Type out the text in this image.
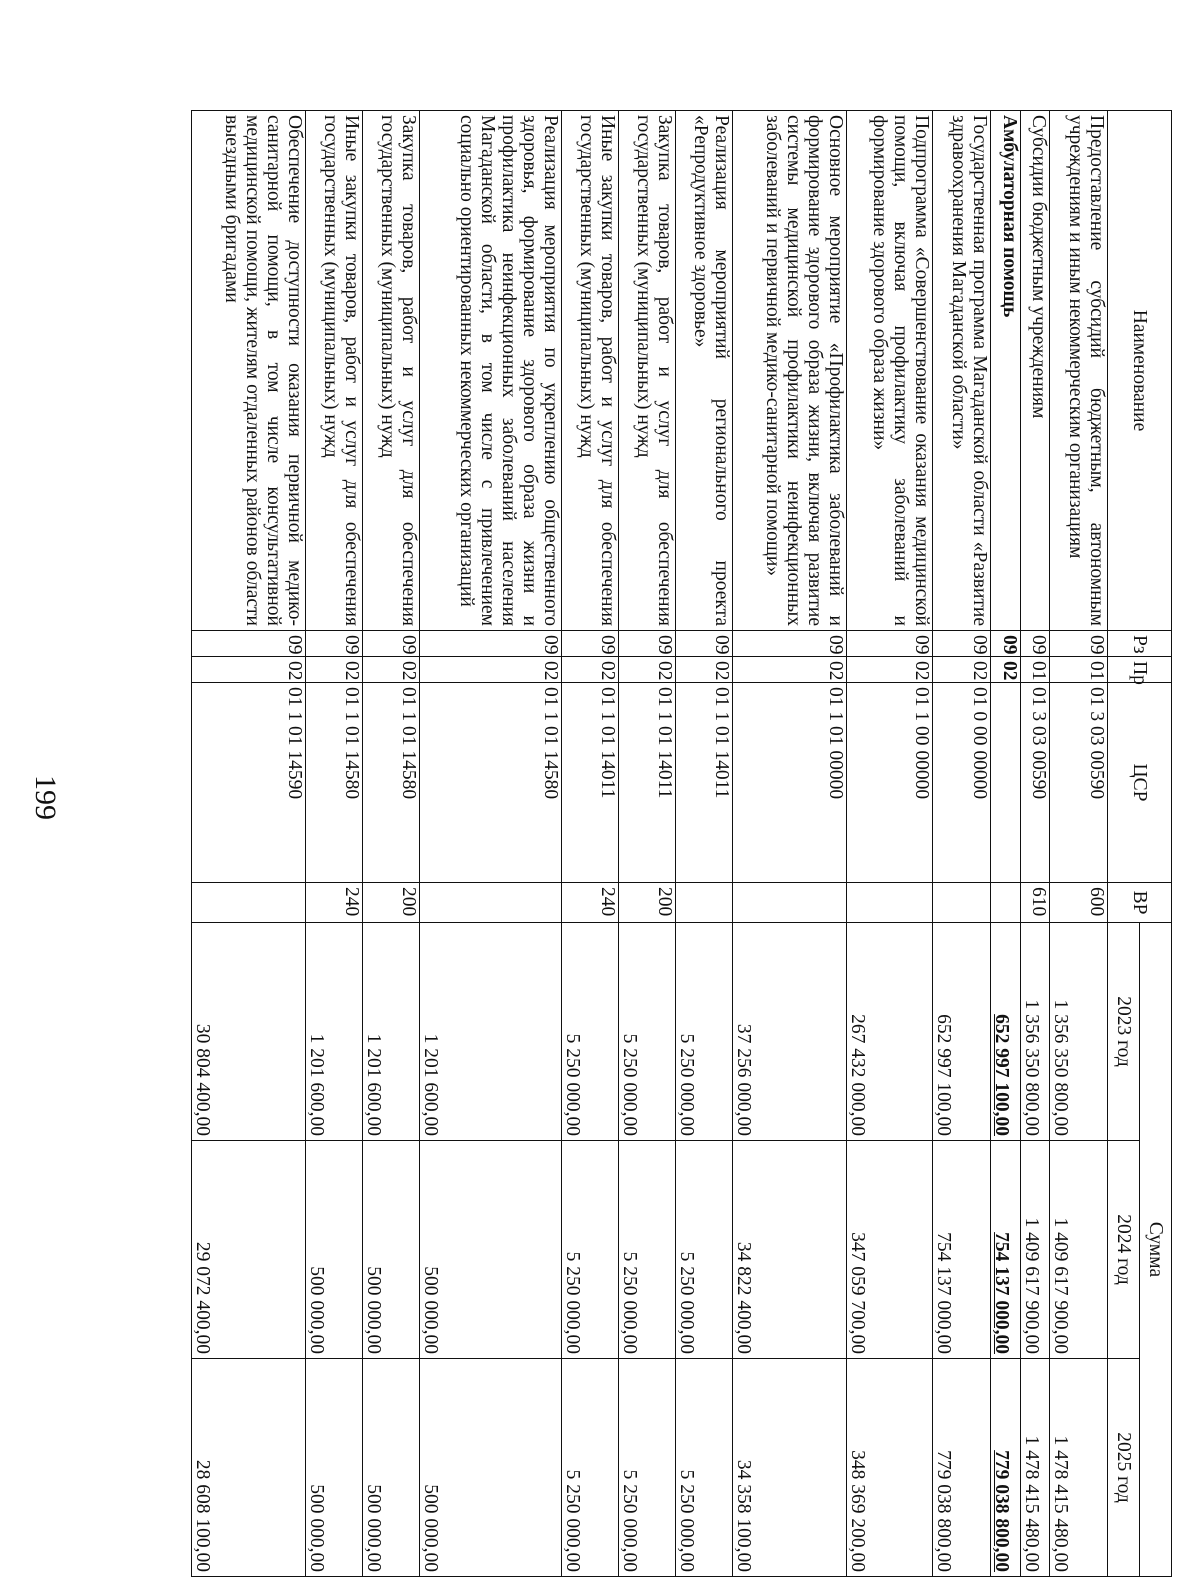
199
Наименование	Рз	Пр	ЦСР	ВР	Сумма		
					2023 год	2024 год	2025 год
Предоставление субсидий бюджетным, автономным учреждениям и иным некоммерческим организациям	09	01	01 3 03 00590	600	1 356 350 800,00	1 409 617 900,00	1 478 415 480,00
Субсидии бюджетным учреждениям	09	01	01 3 03 00590	610	1 356 350 800,00	1 409 617 900,00	1 478 415 480,00
Амбулаторная помощь	09	02			652 997 100,00	754 137 000,00	779 038 800,00
Государственная программа Магаданской области «Развитие здравоохранения Магаданской области»	09	02	01 0 00 00000		652 997 100,00	754 137 000,00	779 038 800,00
Подпрограмма «Совершенствование оказания медицинской помощи, включая профилактику заболеваний и формирование здорового образа жизни»	09	02	01 1 00 00000		267 432 000,00	347 059 700,00	348 369 200,00
Основное мероприятие «Профилактика заболеваний и формирование здорового образа жизни, включая развитие системы медицинской профилактики неинфекционных заболеваний и первичной медико-санитарной помощи»	09	02	01 1 01 00000		37 256 000,00	34 822 400,00	34 358 100,00
Реализация мероприятий регионального проекта «Репродуктивное здоровье»	09	02	01 1 01 14011		5 250 000,00	5 250 000,00	5 250 000,00
Закупка товаров, работ и услуг для обеспечения государственных (муниципальных) нужд	09	02	01 1 01 14011	200	5 250 000,00	5 250 000,00	5 250 000,00
Иные закупки товаров, работ и услуг для обеспечения государственных (муниципальных) нужд	09	02	01 1 01 14011	240	5 250 000,00	5 250 000,00	5 250 000,00
Реализация мероприятия по укреплению общественного здоровья, формирование здорового образа жизни и профилактика неинфекционных заболеваний населения Магаданской области, в том числе с привлечением социально ориентированных некоммерческих организаций	09	02	01 1 01 14580		1 201 600,00	500 000,00	500 000,00
Закупка товаров, работ и услуг для обеспечения государственных (муниципальных) нужд	09	02	01 1 01 14580	200	1 201 600,00	500 000,00	500 000,00
Иные закупки товаров, работ и услуг для обеспечения государственных (муниципальных) нужд	09	02	01 1 01 14580	240	1 201 600,00	500 000,00	500 000,00
Обеспечение доступности оказания первичной медико-санитарной помощи, в том числе консультативной медицинской помощи, жителям отдаленных районов области выездными бригадами	09	02	01 1 01 14590		30 804 400,00	29 072 400,00	28 608 100,00
